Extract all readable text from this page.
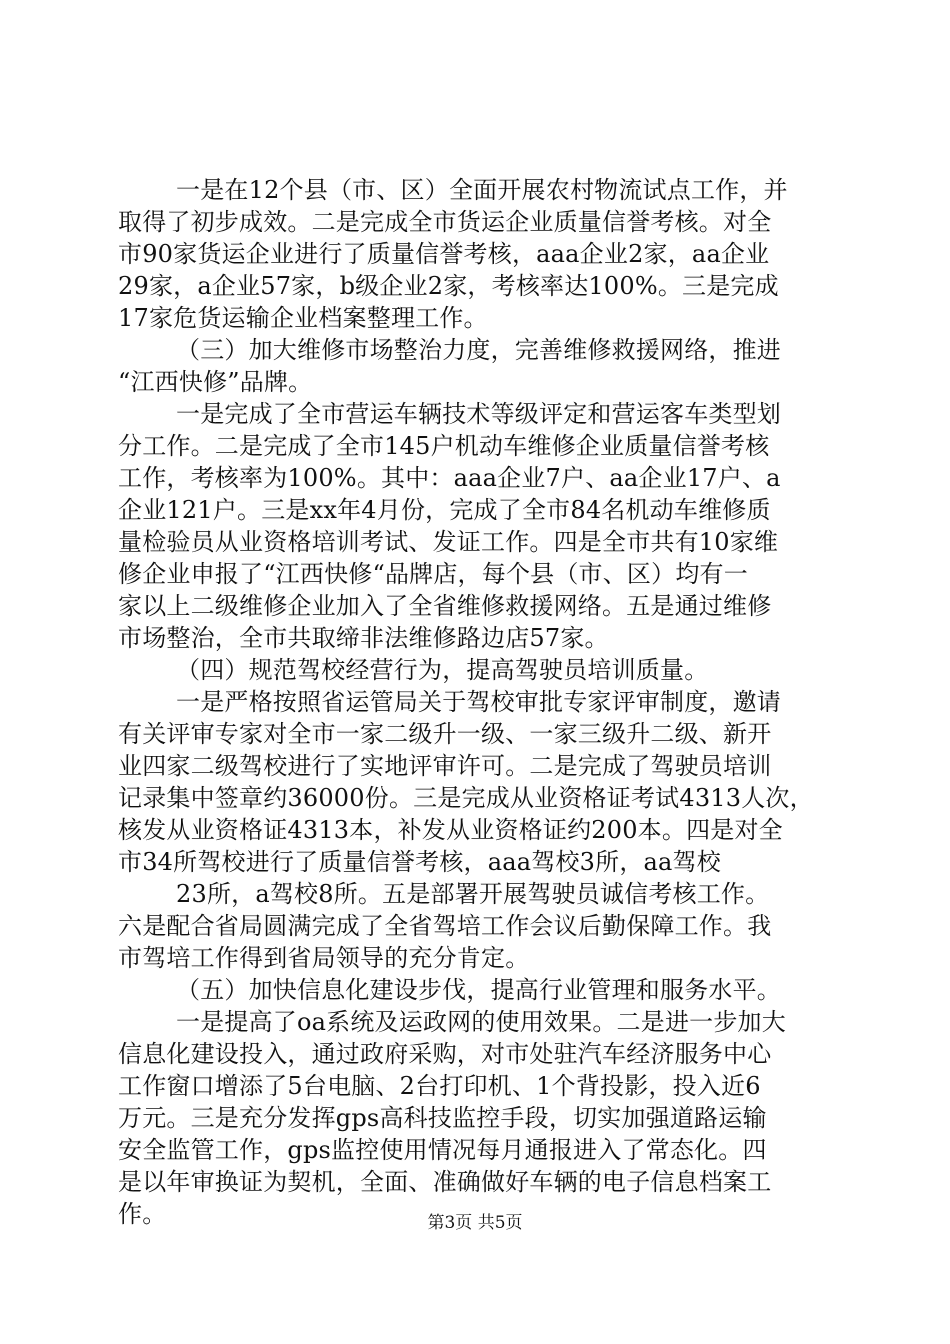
一是在12个县（市、区）全面开展农村物流试点工作，并
取得了初步成效。二是完成全市货运企业质量信誉考核。对全
市90家货运企业进行了质量信誉考核，aaa企业2家，aa企业
29家，a企业57家，b级企业2家，考核率达100%。三是完成
17家危货运输企业档案整理工作。
（三）加大维修市场整治力度，完善维修救援网络，推进
“江西快修”品牌。
一是完成了全市营运车辆技术等级评定和营运客车类型划
分工作。二是完成了全市145户机动车维修企业质量信誉考核
工作，考核率为100%。其中：aaa企业7户、aa企业17户、a
企业121户。三是xx年4月份，完成了全市84名机动车维修质
量检验员从业资格培训考试、发证工作。四是全市共有10家维
修企业申报了“江西快修“品牌店，每个县（市、区）均有一
家以上二级维修企业加入了全省维修救援网络。五是通过维修
市场整治，全市共取缔非法维修路边店57家。
（四）规范驾校经营行为，提高驾驶员培训质量。
一是严格按照省运管局关于驾校审批专家评审制度，邀请
有关评审专家对全市一家二级升一级、一家三级升二级、新开
业四家二级驾校进行了实地评审许可。二是完成了驾驶员培训
记录集中签章约36000份。三是完成从业资格证考试4313人次，
核发从业资格证4313本，补发从业资格证约200本。四是对全
市34所驾校进行了质量信誉考核，aaa驾校3所，aa驾校
23所，a驾校8所。五是部署开展驾驶员诚信考核工作。
六是配合省局圆满完成了全省驾培工作会议后勤保障工作。我
市驾培工作得到省局领导的充分肯定。
（五）加快信息化建设步伐，提高行业管理和服务水平。
一是提高了oa系统及运政网的使用效果。二是进一步加大
信息化建设投入，通过政府采购，对市处驻汽车经济服务中心
工作窗口增添了5台电脑、2台打印机、1个背投影，投入近6
万元。三是充分发挥gps高科技监控手段，切实加强道路运输
安全监管工作，gps监控使用情况每月通报进入了常态化。四
是以年审换证为契机，全面、准确做好车辆的电子信息档案工
作。	第3页 共5页
